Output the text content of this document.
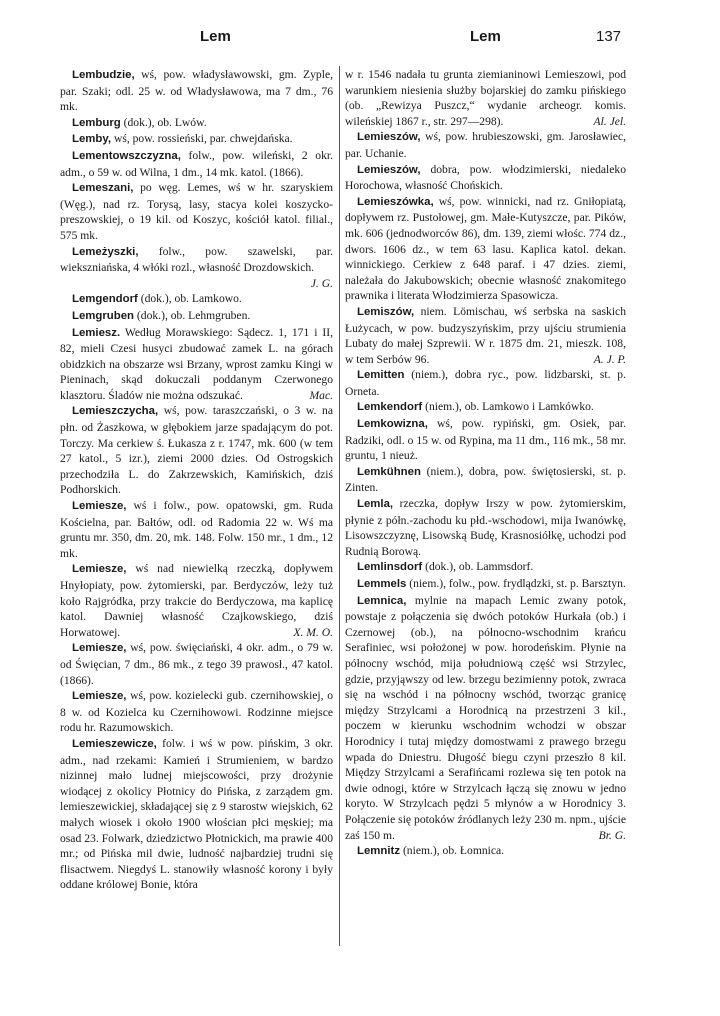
Lem	Lem	137

Lembudzie, wś, pow. władysławowski, gm. Zyple, par. Szaki; odl. 25 w. od Władysławowa, ma 7 dm., 76 mk.

Lemburg (dok.), ob. Lwów.

Lemby, wś, pow. rossieński, par. chwejdańska.

Lementowszczyzna, folw., pow. wileński, 2 okr. adm., o 59 w. od Wilna, 1 dm., 14 mk. katol. (1866).

Lemeszani, po węg. Lemes, wś w hr. szaryskiem (Węg.), nad rz. Torysą, lasy, stacya kolei koszycko-preszowskiej, o 19 kil. od Koszyc, kościół katol. filial., 575 mk.

Lemeżyszki, folw., pow. szawelski, par. wiekszniańska, 4 włóki rozl., własność Drozdowskich.
J. G.

Lemgendorf (dok.), ob. Lamkowo.

Lemgruben (dok.), ob. Lehmgruben.

Lemiesz. Według Morawskiego: Sądecz. 1, 171 i II, 82, mieli Czesi husyci zbudować zamek L. na górach obidzkich na obszarze wsi Brzany, wprost zamku Kingi w Pieninach, skąd dokuczali poddanym Czerwonego klasztoru. Śladów nie można odszukać.	Mac.

Lemieszczycha, wś, pow. taraszczański, o 3 w. na płn. od Żaszkowa, w głębokiem jarze spadającym do pot. Torczy. Ma cerkiew ś. Łukasza z r. 1747, mk. 600 (w tem 27 katol., 5 izr.), ziemi 2000 dzies. Od Ostrogskich przechodziła L. do Zakrzewskich, Kamińskich, dziś Podhorskich.

Lemiesze, wś i folw., pow. opatowski, gm. Ruda Kościelna, par. Bałtów, odl. od Radomia 22 w. Wś ma gruntu mr. 350, dm. 20, mk. 148. Folw. 150 mr., 1 dm., 12 mk.

Lemiesze, wś nad niewielką rzeczką, dopływem Hnyłopiaty, pow. żytomierski, par. Berdyczów, leży tuż koło Rajgródka, przy trakcie do Berdyczowa, ma kaplicę katol. Dawniej własność Czajkowskiego, dziś Horwatowej.	X. M. O.

Lemiesze, wś, pow. święciański, 4 okr. adm., o 79 w. od Święcian, 7 dm., 86 mk., z tego 39 prawosł., 47 katol. (1866).

Lemiesze, wś, pow. kozielecki gub. czernihowskiej, o 8 w. od Kozielca ku Czernihowowi. Rodzinne miejsce rodu hr. Razumowskich.

Lemieszewicze, folw. i wś w pow. pińskim, 3 okr. adm., nad rzekami: Kamień i Strumieniem, w bardzo nizinnej mało ludnej miejscowości, przy drożynie wiodącej z okolicy Płotnicy do Pińska, z zarządem gm. lemieszewickiej, składającej się z 9 starostw wiejskich, 62 małych wiosek i około 1900 włościan płci męskiej; ma osad 23. Folwark, dziedzictwo Płotnickich, ma prawie 400 mr.; od Pińska mil dwie, ludność najbardziej trudni się flisactwem. Niegdyś L. stanowiły własność korony i były oddane królowej Bonie, która

w r. 1546 nadała tu grunta ziemianinowi Lemieszowi, pod warunkiem niesienia służby bojarskiej do zamku pińskiego (ob. „Rewizya Puszcz,“ wydanie archeogr. komis. wileńskiej 1867 r., str. 297—298).	Al. Jel.

Lemieszów, wś, pow. hrubieszowski, gm. Jarosławiec, par. Uchanie.

Lemieszów, dobra, pow. włodzimierski, niedaleko Horochowa, własność Chońskich.

Lemieszówka, wś, pow. winnicki, nad rz. Gniłopiatą, dopływem rz. Pustołowej, gm. Małe-Kutyszcze, par. Pików, mk. 606 (jednodworców 86), dm. 139, ziemi włośc. 774 dz., dwors. 1606 dz., w tem 63 lasu. Kaplica katol. dekan. winnickiego. Cerkiew z 648 paraf. i 47 dzies. ziemi, należała do Jakubowskich; obecnie własność znakomitego prawnika i literata Włodzimierza Spasowicza.

Lemiszów, niem. Lömischau, wś serbska na saskich Łużycach, w pow. budzyszyńskim, przy ujściu strumienia Lubaty do małej Szprewii. W r. 1875 dm. 21, mieszk. 108, w tem Serbów 96.	A. J. P.

Lemitten (niem.), dobra ryc., pow. lidzbarski, st. p. Orneta.

Lemkendorf (niem.), ob. Lamkowo i Lamkówko.

Lemkowizna, wś, pow. rypiński, gm. Osiek, par. Radziki, odl. o 15 w. od Rypina, ma 11 dm., 116 mk., 58 mr. gruntu, 1 nieuż.

Lemkühnen (niem.), dobra, pow. świętosierski, st. p. Zinten.

Lemla, rzeczka, dopływ Irszy w pow. żytomierskim, płynie z półn.-zachodu ku płd.-wschodowi, mija Iwanówkę, Lisowszczyznę, Lisowską Budę, Krasnosiółkę, uchodzi pod Rudnią Borową.

Lemlinsdorf (dok.), ob. Lammsdorf.

Lemmels (niem.), folw., pow. frydlądzki, st. p. Barsztyn.

Lemnica, mylnie na mapach Lemic zwany potok, powstaje z połączenia się dwóch potoków Hurkała (ob.) i Czernowej (ob.), na północno-wschodnim krańcu Serafiniec, wsi położonej w pow. horodeńskim. Płynie na północny wschód, mija południową część wsi Strzylec, gdzie, przyjąwszy od lew. brzegu bezimienny potok, zwraca się na wschód i na północny wschód, tworząc granicę między Strzylcami a Horodnicą na przestrzeni 3 kil., poczem w kierunku wschodnim wchodzi w obszar Horodnicy i tutaj między domostwami z prawego brzegu wpada do Dniestru. Długość biegu czyni przeszło 8 kil. Między Strzylcami a Serafińcami rozlewa się ten potok na dwie odnogi, które w Strzylcach łączą się znowu w jedno koryto. W Strzylcach pędzi 5 młynów a w Horodnicy 3. Połączenie się potoków źródlanych leży 230 m. npm., ujście zaś 150 m.	Br. G.

Lemnitz (niem.), ob. Łomnica.
